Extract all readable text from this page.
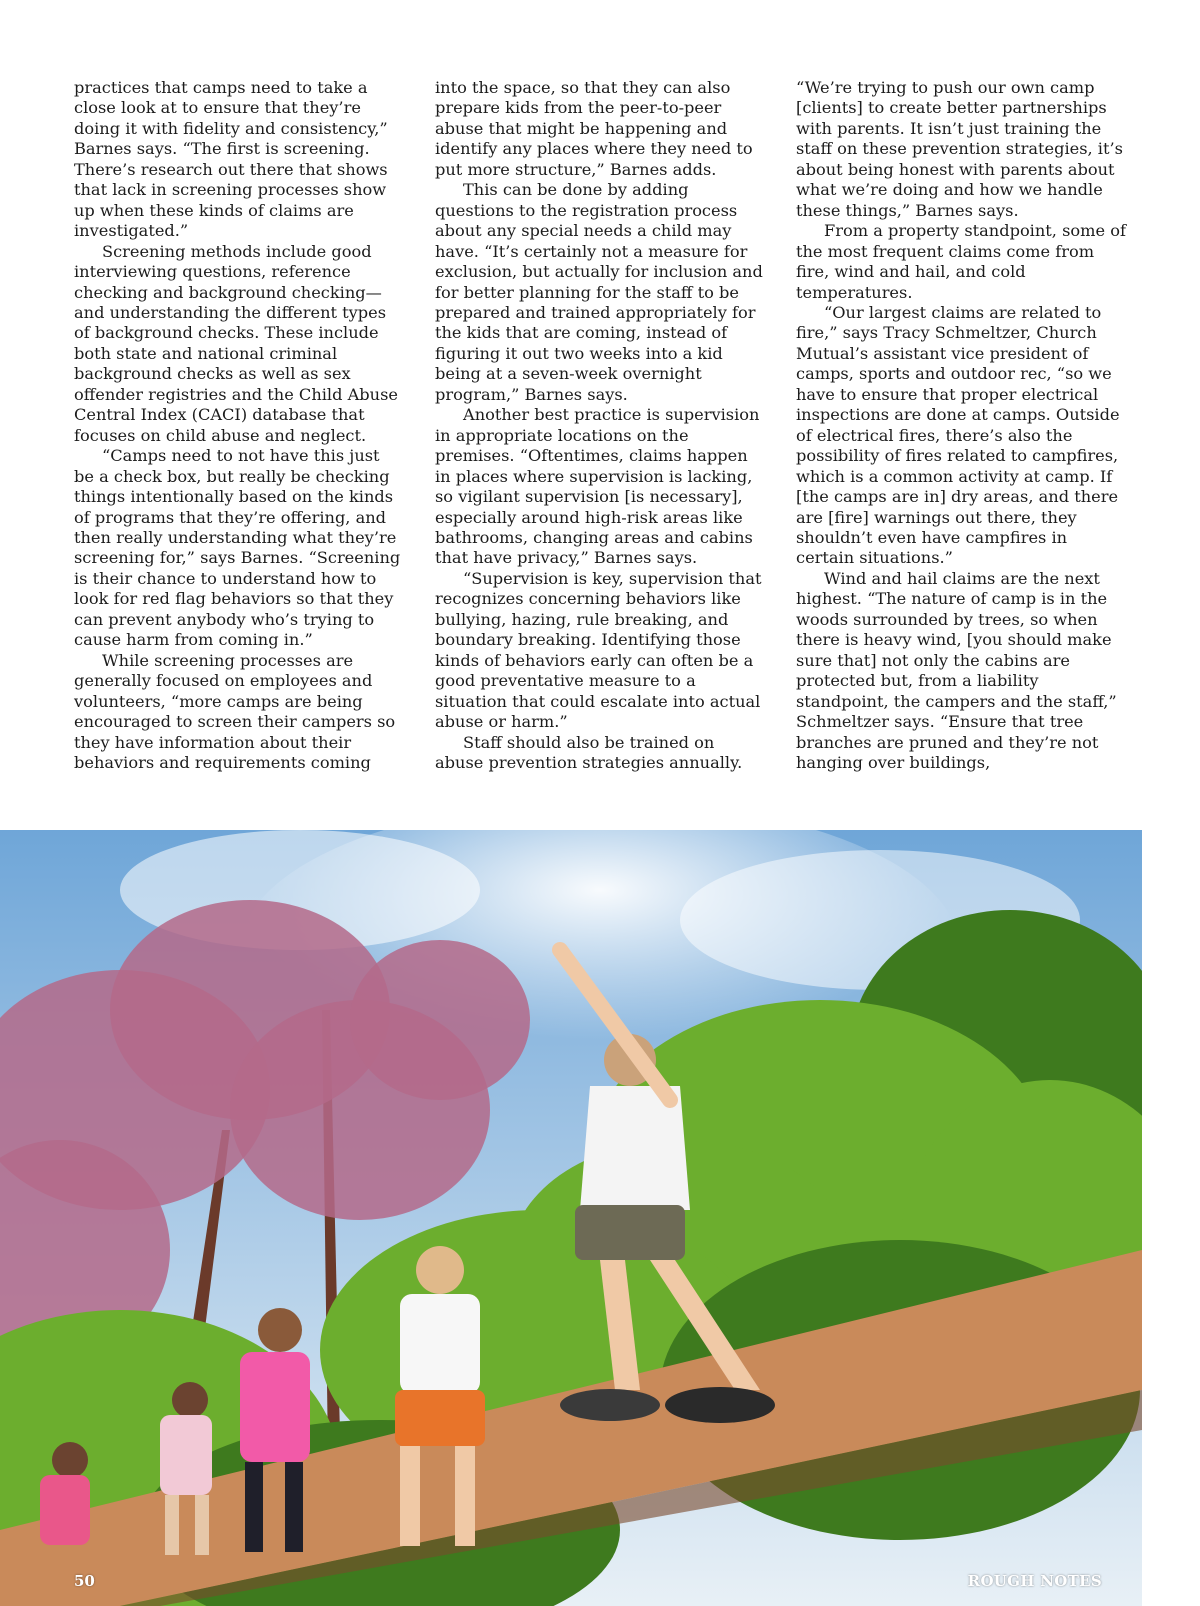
practices that camps need to take a close look at to ensure that they’re doing it with fidelity and consistency,” Barnes says. “The first is screening. There’s research out there that shows that lack in screening processes show up when these kinds of claims are investigated.”

Screening methods include good interviewing questions, reference checking and background checking—and understanding the different types of background checks. These include both state and national criminal background checks as well as sex offender registries and the Child Abuse Central Index (CACI) database that focuses on child abuse and neglect.

“Camps need to not have this just be a check box, but really be checking things intentionally based on the kinds of programs that they’re offering, and then really understanding what they’re screening for,” says Barnes. “Screening is their chance to understand how to look for red flag behaviors so that they can prevent anybody who’s trying to cause harm from coming in.”

While screening processes are generally focused on employees and volunteers, “more camps are being encouraged to screen their campers so they have information about their behaviors and requirements coming

into the space, so that they can also prepare kids from the peer-to-peer abuse that might be happening and identify any places where they need to put more structure,” Barnes adds.

This can be done by adding questions to the registration process about any special needs a child may have. “It’s certainly not a measure for exclusion, but actually for inclusion and for better planning for the staff to be prepared and trained appropriately for the kids that are coming, instead of figuring it out two weeks into a kid being at a seven-week overnight program,” Barnes says.

Another best practice is supervision in appropriate locations on the premises. “Oftentimes, claims happen in places where supervision is lacking, so vigilant supervision [is necessary], especially around high-risk areas like bathrooms, changing areas and cabins that have privacy,” Barnes says.

“Supervision is key, supervision that recognizes concerning behaviors like bullying, hazing, rule breaking, and boundary breaking. Identifying those kinds of behaviors early can often be a good preventative measure to a situation that could escalate into actual abuse or harm.”

Staff should also be trained on abuse prevention strategies annually.

“We’re trying to push our own camp [clients] to create better partnerships with parents. It isn’t just training the staff on these prevention strategies, it’s about being honest with parents about what we’re doing and how we handle these things,” Barnes says.

From a property standpoint, some of the most frequent claims come from fire, wind and hail, and cold temperatures.

“Our largest claims are related to fire,” says Tracy Schmeltzer, Church Mutual’s assistant vice president of camps, sports and outdoor rec, “so we have to ensure that proper electrical inspections are done at camps. Outside of electrical fires, there’s also the possibility of fires related to campfires, which is a common activity at camp. If [the camps are in] dry areas, and there are [fire] warnings out there, they shouldn’t even have campfires in certain situations.”

Wind and hail claims are the next highest. “The nature of camp is in the woods surrounded by trees, so when there is heavy wind, [you should make sure that] not only the cabins are protected but, from a liability standpoint, the campers and the staff,” Schmeltzer says. “Ensure that tree branches are pruned and they’re not hanging over buildings,

50	ROUGH NOTES
